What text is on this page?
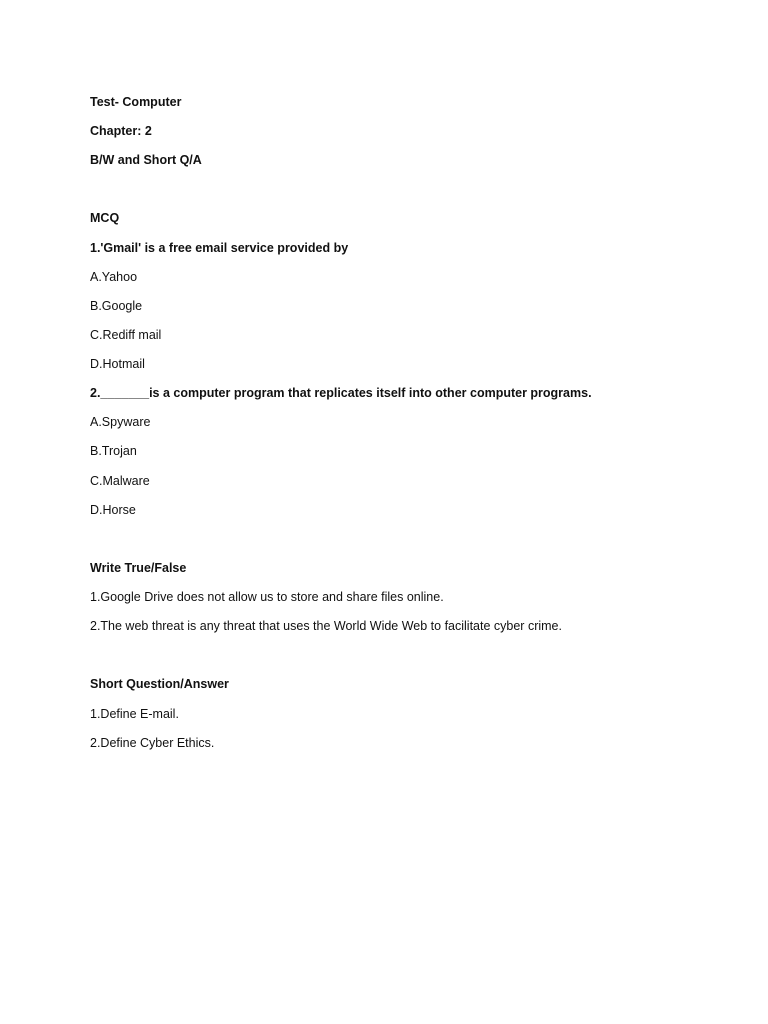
Test- Computer
Chapter: 2
B/W and Short Q/A
MCQ
1.'Gmail' is a free email service provided by
A.Yahoo
B.Google
C.Rediff mail
D.Hotmail
2._______is a computer program that replicates itself into other computer programs.
A.Spyware
B.Trojan
C.Malware
D.Horse
Write True/False
1.Google Drive does not allow us to store and share files online.
2.The web threat is any threat that uses the World Wide Web to facilitate cyber crime.
Short Question/Answer
1.Define E-mail.
2.Define Cyber Ethics.
